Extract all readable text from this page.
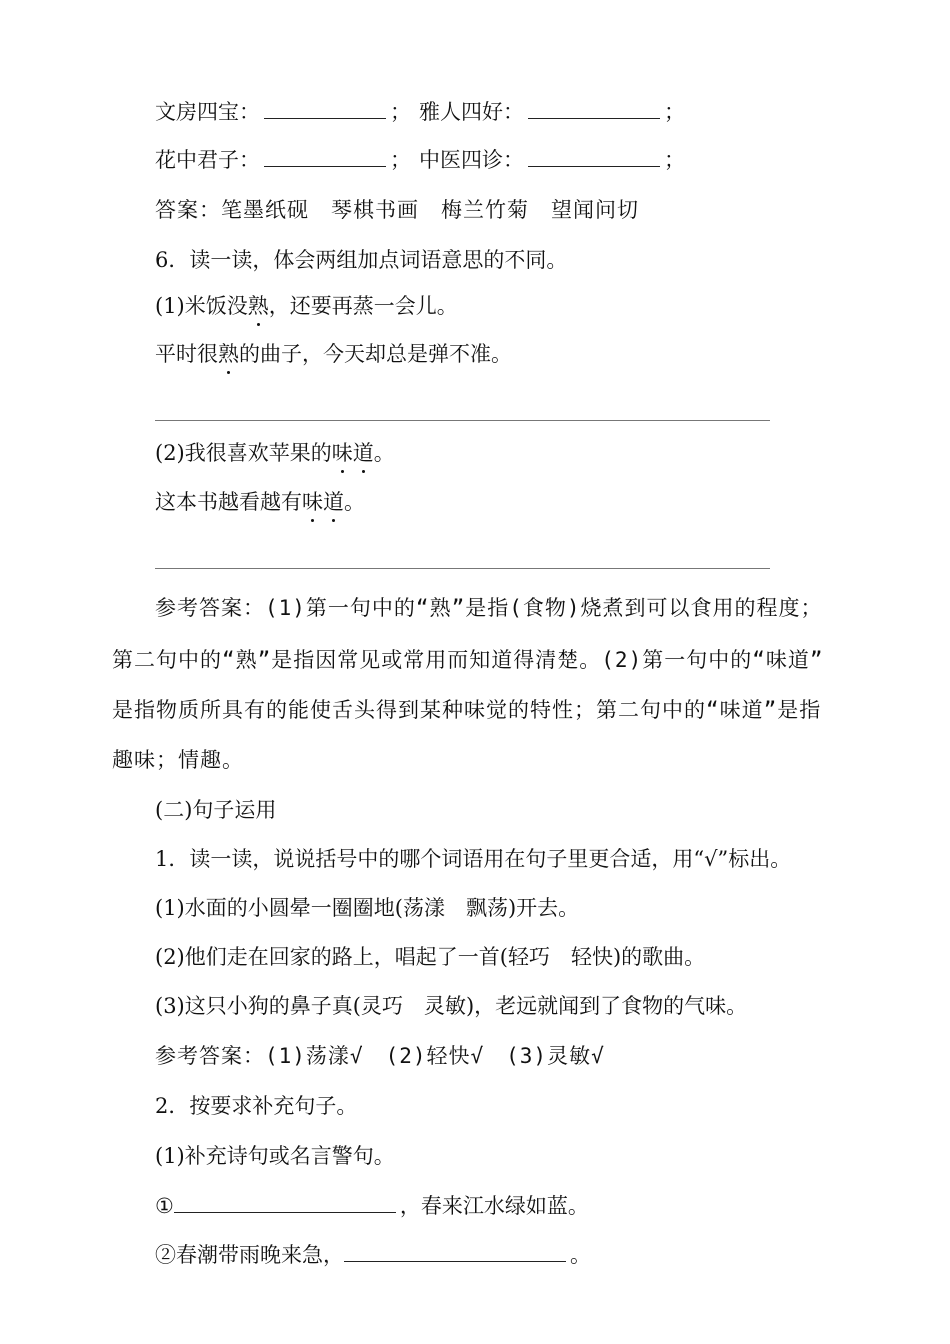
文房四宝：	； 雅人四好：	；
花中君子：	； 中医四诊：	；
答案：笔墨纸砚　琴棋书画　梅兰竹菊　望闻问切
6．读一读，体会两组加点词语意思的不同。
(1)米饭没熟，还要再蒸一会儿。
平时很熟的曲子，今天却总是弹不准。
(2)我很喜欢苹果的味道。
这本书越看越有味道。
参考答案：(1)第一句中的“熟”是指(食物)烧煮到可以食用的程度；
第二句中的“熟”是指因常见或常用而知道得清楚。(2)第一句中的“味道”
是指物质所具有的能使舌头得到某种味觉的特性；第二句中的“味道”是指
趣味；情趣。
(二)句子运用
1．读一读，说说括号中的哪个词语用在句子里更合适，用“√”标出。
(1)水面的小圆晕一圈圈地(荡漾　飘荡)开去。
(2)他们走在回家的路上，唱起了一首(轻巧　轻快)的歌曲。
(3)这只小狗的鼻子真(灵巧　灵敏)，老远就闻到了食物的气味。
参考答案：(1)荡漾√　(2)轻快√　(3)灵敏√
2．按要求补充句子。
(1)补充诗句或名言警句。
①	，春来江水绿如蓝。
②春潮带雨晚来急，	。
